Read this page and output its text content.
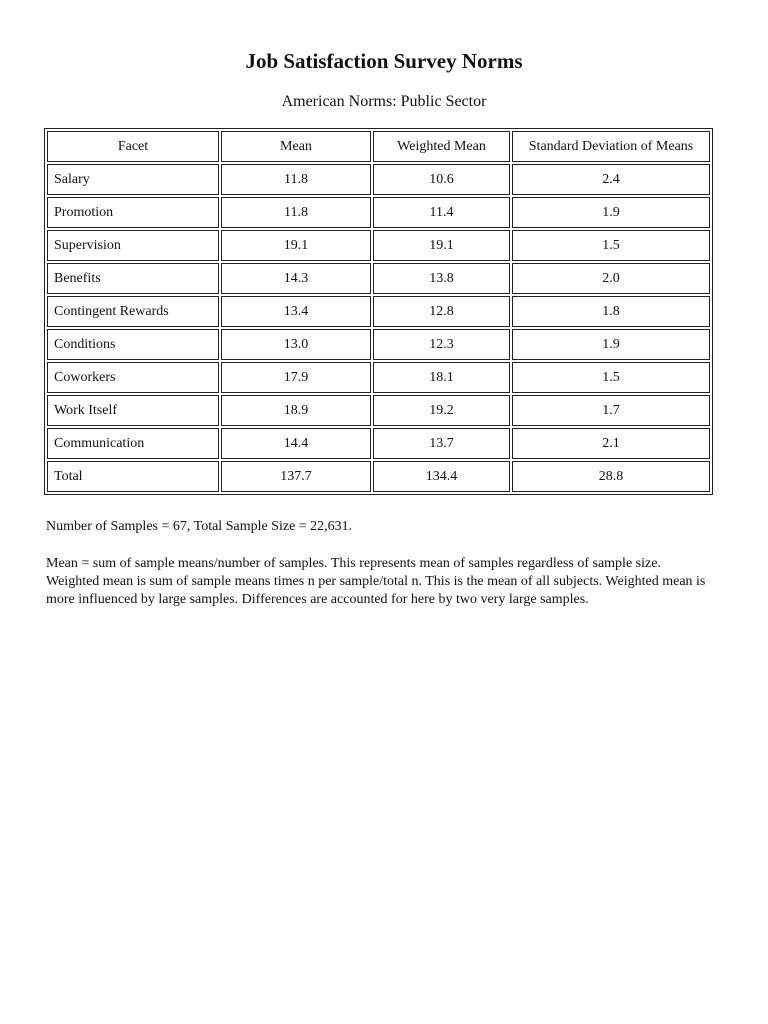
Job Satisfaction Survey Norms
American Norms: Public Sector
Facet	Mean	Weighted Mean	Standard Deviation of Means
Salary	11.8	10.6	2.4
Promotion	11.8	11.4	1.9
Supervision	19.1	19.1	1.5
Benefits	14.3	13.8	2.0
Contingent Rewards	13.4	12.8	1.8
Conditions	13.0	12.3	1.9
Coworkers	17.9	18.1	1.5
Work Itself	18.9	19.2	1.7
Communication	14.4	13.7	2.1
Total	137.7	134.4	28.8
Number of Samples = 67, Total Sample Size = 22,631.
Mean = sum of sample means/number of samples. This represents mean of samples regardless of sample size. Weighted mean is sum of sample means times n per sample/total n. This is the mean of all subjects. Weighted mean is more influenced by large samples. Differences are accounted for here by two very large samples.
